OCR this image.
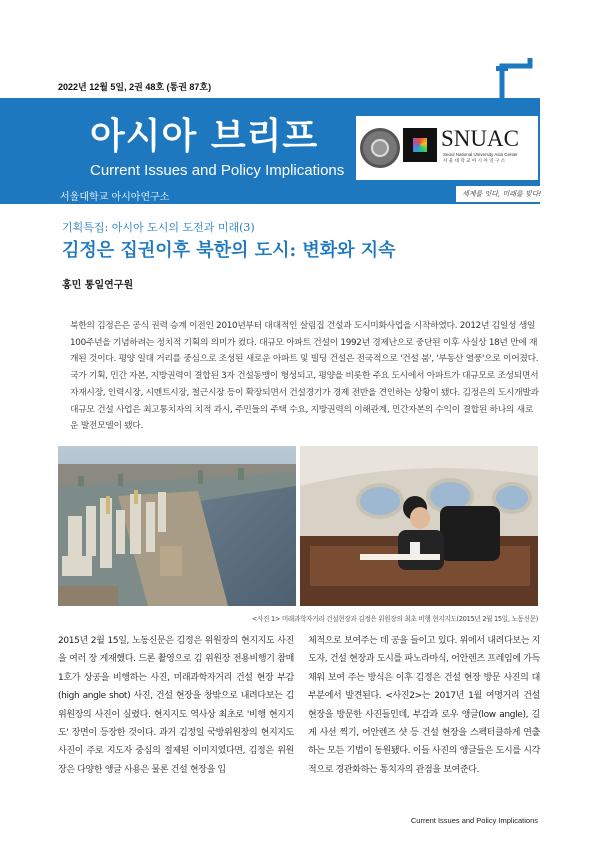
2022년 12월 5일, 2권 48호 (통권 87호)
아시아 브리프
Current Issues and Policy Implications
SNUAC
Seoul National University Asia Center
서 울 대 학 교 아 시 아 연 구 소
서울대학교 아시아연구소	세계를 잇다, 미래를 빚다!
기획특집: 아시아 도시의 도전과 미래(3)
김정은 집권이후 북한의 도시: 변화와 지속
홍민 통일연구원

북한의 김정은은 공식 권력 승계 이전인 2010년부터 대대적인 살림집 건설과 도시미화사업을 시작하였다. 2012년 김일성 생일 100주년을 기념하려는 정치적 기획의 의미가 컸다. 대규모 아파트 건설이 1992년 경제난으로 중단된 이후 사실상 18년 만에 재개된 것이다. 평양 일대 거리를 중심으로 조성된 새로운 아파트 및 빌딩 건설은 전국적으로 '건설 붐', '부동산 열풍'으로 이어졌다. 국가 기획, 민간 자본, 지방권력이 결합된 3자 건설동맹이 형성되고, 평양을 비롯한 주요 도시에서 아파트가 대규모로 조성되면서 자재시장, 인력시장, 시멘트시장, 철근시장 등이 확장되면서 건설경기가 경제 전반을 견인하는 상황이 됐다. 김정은의 도시개발과 대규모 건설 사업은 최고통치자의 치적 과시, 주민들의 주택 수요, 지방권력의 이해관계, 민간자본의 수익이 결합된 하나의 새로운 발전모델이 됐다.

<사진 1> 미래과학자거리 건설현장과 김정은 위원장의 최초 비행 현지지도(2015년 2월 15일, 노동신문)

2015년 2월 15일, 노동신문은 김정은 위원장의 현지지도 사진을 여러 장 게재했다. 드론 촬영으로 김 위원장 전용비행기 참매 1호가 상공을 비행하는 사진, 미래과학자거리 건설 현장 부감(high angle shot) 사진, 건설 현장을 창밖으로 내려다보는 김 위원장의 사진이 실렸다. 현지지도 역사상 최초로 '비행 현지지도' 장면이 등장한 것이다. 과거 김정일 국방위원장의 현지지도 사진이 주로 지도자 중심의 절제된 이미지였다면, 김정은 위원장은 다양한 앵글 사용은 물론 건설 현장을 입

체적으로 보여주는 데 공을 들이고 있다. 위에서 내려다보는 지도자, 건설 현장과 도시를 파노라마식, 어안렌즈 프레임에 가득 채워 보여 주는 방식은 이후 김정은 건설 현장 방문 사진의 대부분에서 발견된다. <사진2>는 2017년 1월 여명거리 건설 현장을 방문한 사진들인데, 부감과 로우 앵글(low angle), 길게 사선 찍기, 어안렌즈 샷 등 건설 현장을 스펙터클하게 연출하는 모든 기법이 동원됐다. 이들 사진의 앵글들은 도시를 시각적으로 경관화하는 통치자의 관점을 보여준다.

Current Issues and Policy Implications
